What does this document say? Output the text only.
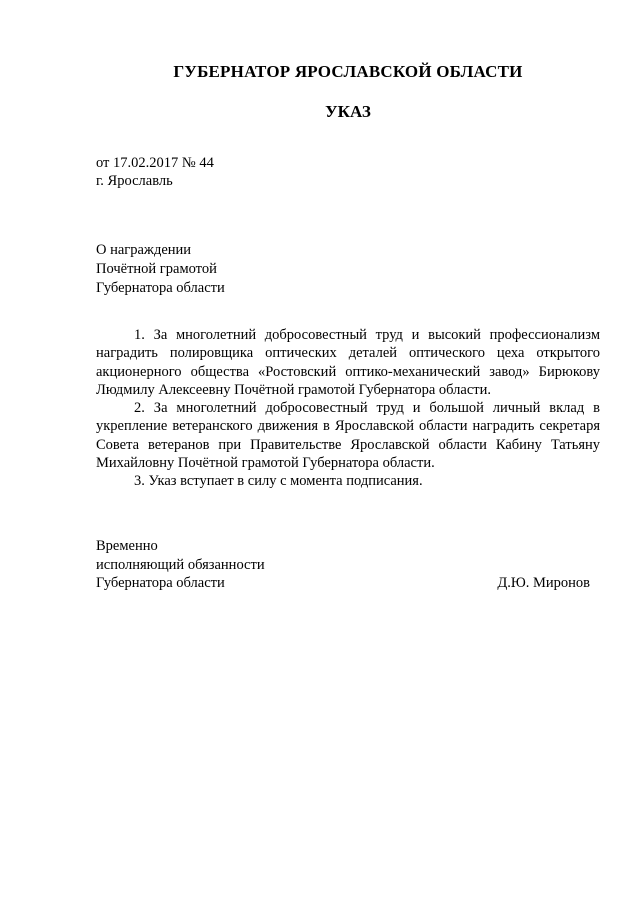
ГУБЕРНАТОР ЯРОСЛАВСКОЙ ОБЛАСТИ
УКАЗ
от 17.02.2017 № 44
г. Ярославль
О награждении
Почётной грамотой
Губернатора области

1. За многолетний добросовестный труд и высокий профессионализм наградить полировщика оптических деталей оптического цеха открытого акционерного общества «Ростовский оптико-механический завод» Бирюкову Людмилу Алексеевну Почётной грамотой Губернатора области.

2. За многолетний добросовестный труд и большой личный вклад в укрепление ветеранского движения в Ярославской области наградить секретаря Совета ветеранов при Правительстве Ярославской области Кабину Татьяну Михайловну Почётной грамотой Губернатора области.

3. Указ вступает в силу с момента подписания.

Временно
исполняющий обязанности
Губернатора области	Д.Ю. Миронов
